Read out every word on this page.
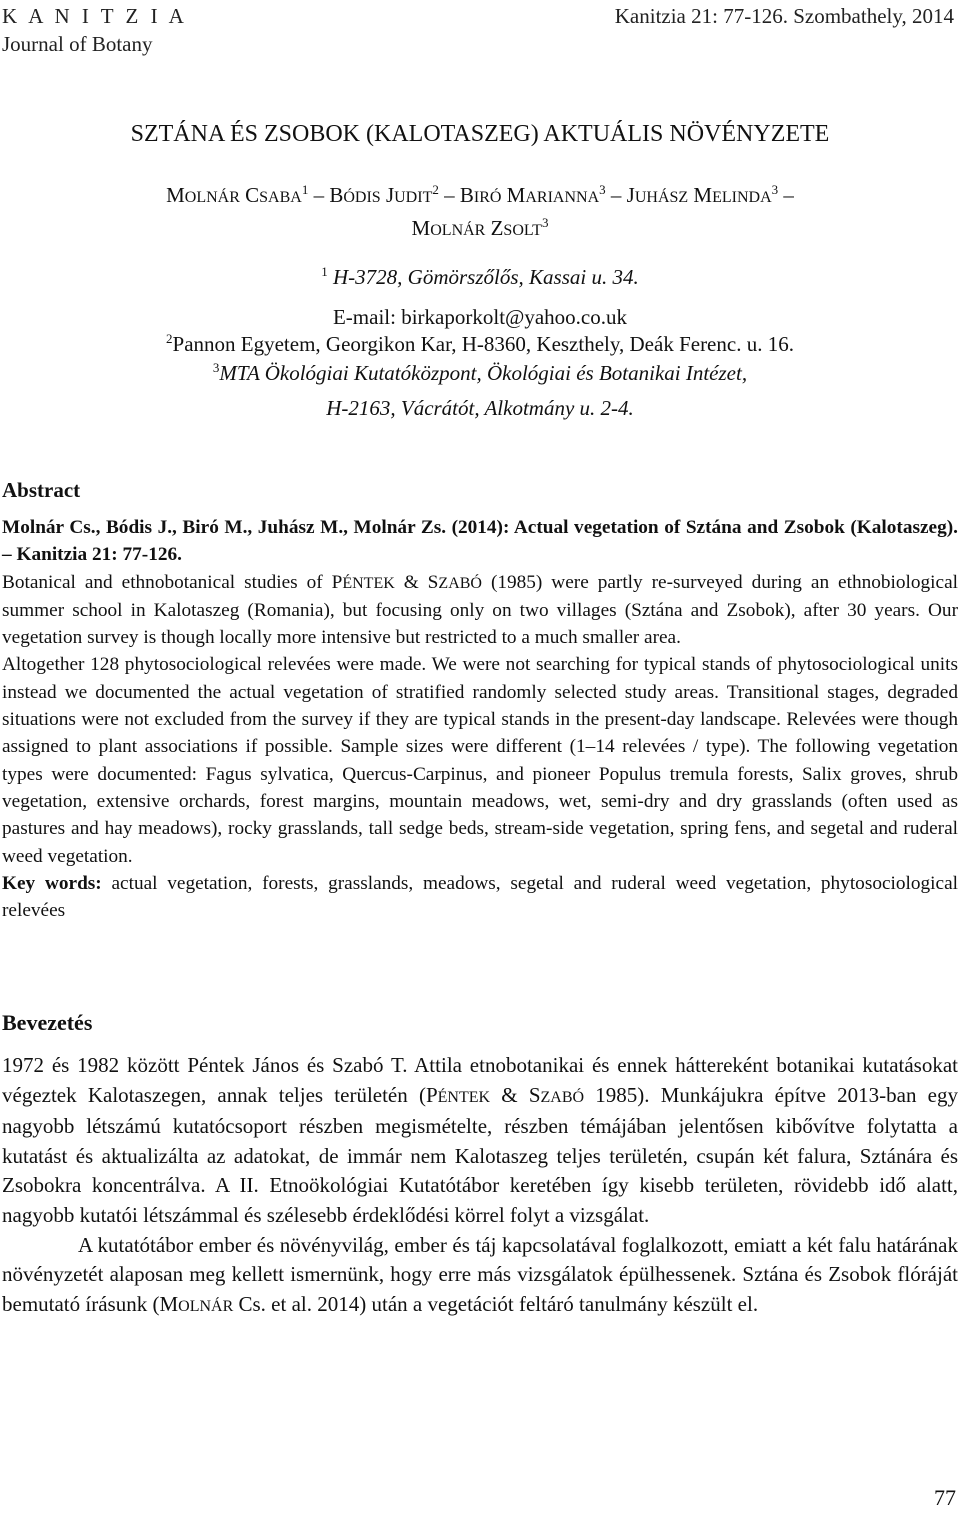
K A N I T Z I A
Journal of Botany
Kanitzia 21: 77-126. Szombathely, 2014
SZTÁNA ÉS ZSOBOK (KALOTASZEG) AKTUÁLIS NÖVÉNYZETE
MOLNÁR CSABA$^1$ – BÓDIS JUDIT$^2$ – BIRÓ MARIANNA$^3$ – JUHÁSZ MELINDA$^3$ –
MOLNÁR ZSOLT$^3$
$^1$ H-3728, Gömörszőlős, Kassai u. 34.
E-mail: birkaporkolt@yahoo.co.uk
$^2$Pannon Egyetem, Georgikon Kar, H-8360, Keszthely, Deák Ferenc. u. 16.
$^3$MTA Ökológiai Kutatóközpont, Ökológiai és Botanikai Intézet,
H-2163, Vácrátót, Alkotmány u. 2-4.
Abstract
Molnár Cs., Bódis J., Biró M., Juhász M., Molnár Zs. (2014): Actual vegetation of Sztána and Zsobok (Kalotaszeg). – Kanitzia 21: 77-126.
Botanical and ethnobotanical studies of PÉNTEK & SZABÓ (1985) were partly re-surveyed during an ethnobiological summer school in Kalotaszeg (Romania), but focusing only on two villages (Sztána and Zsobok), after 30 years. Our vegetation survey is though locally more intensive but restricted to a much smaller area.
Altogether 128 phytosociological relevées were made. We were not searching for typical stands of phytosociological units instead we documented the actual vegetation of stratified randomly selected study areas. Transitional stages, degraded situations were not excluded from the survey if they are typical stands in the present-day landscape. Relevées were though assigned to plant associations if possible. Sample sizes were different (1–14 relevées / type). The following vegetation types were documented: Fagus sylvatica, Quercus-Carpinus, and pioneer Populus tremula forests, Salix groves, shrub vegetation, extensive orchards, forest margins, mountain meadows, wet, semi-dry and dry grasslands (often used as pastures and hay meadows), rocky grasslands, tall sedge beds, stream-side vegetation, spring fens, and segetal and ruderal weed vegetation.
Key words: actual vegetation, forests, grasslands, meadows, segetal and ruderal weed vegetation, phytosociological relevées
Bevezetés

1972 és 1982 között Péntek János és Szabó T. Attila etnobotanikai és ennek háttereként botanikai kutatásokat végeztek Kalotaszegen, annak teljes területén (PÉNTEK & SZABÓ 1985). Munkájukra építve 2013-ban egy nagyobb létszámú kutatócsoport részben megismételte, részben témájában jelentősen kibővítve folytatta a kutatást és aktualizálta az adatokat, de immár nem Kalotaszeg teljes területén, csupán két falura, Sztánára és Zsobokra koncentrálva. A II. Etnoökológiai Kutatótábor keretében így kisebb területen, rövidebb idő alatt, nagyobb kutatói létszámmal és szélesebb érdeklődési körrel folyt a vizsgálat.

A kutatótábor ember és növényvilág, ember és táj kapcsolatával foglalkozott, emiatt a két falu határának növényzetét alaposan meg kellett ismernünk, hogy erre más vizsgálatok épülhessenek. Sztána és Zsobok flóráját bemutató írásunk (MOLNÁR Cs. et al. 2014) után a vegetációt feltáró tanulmány készült el.

77
